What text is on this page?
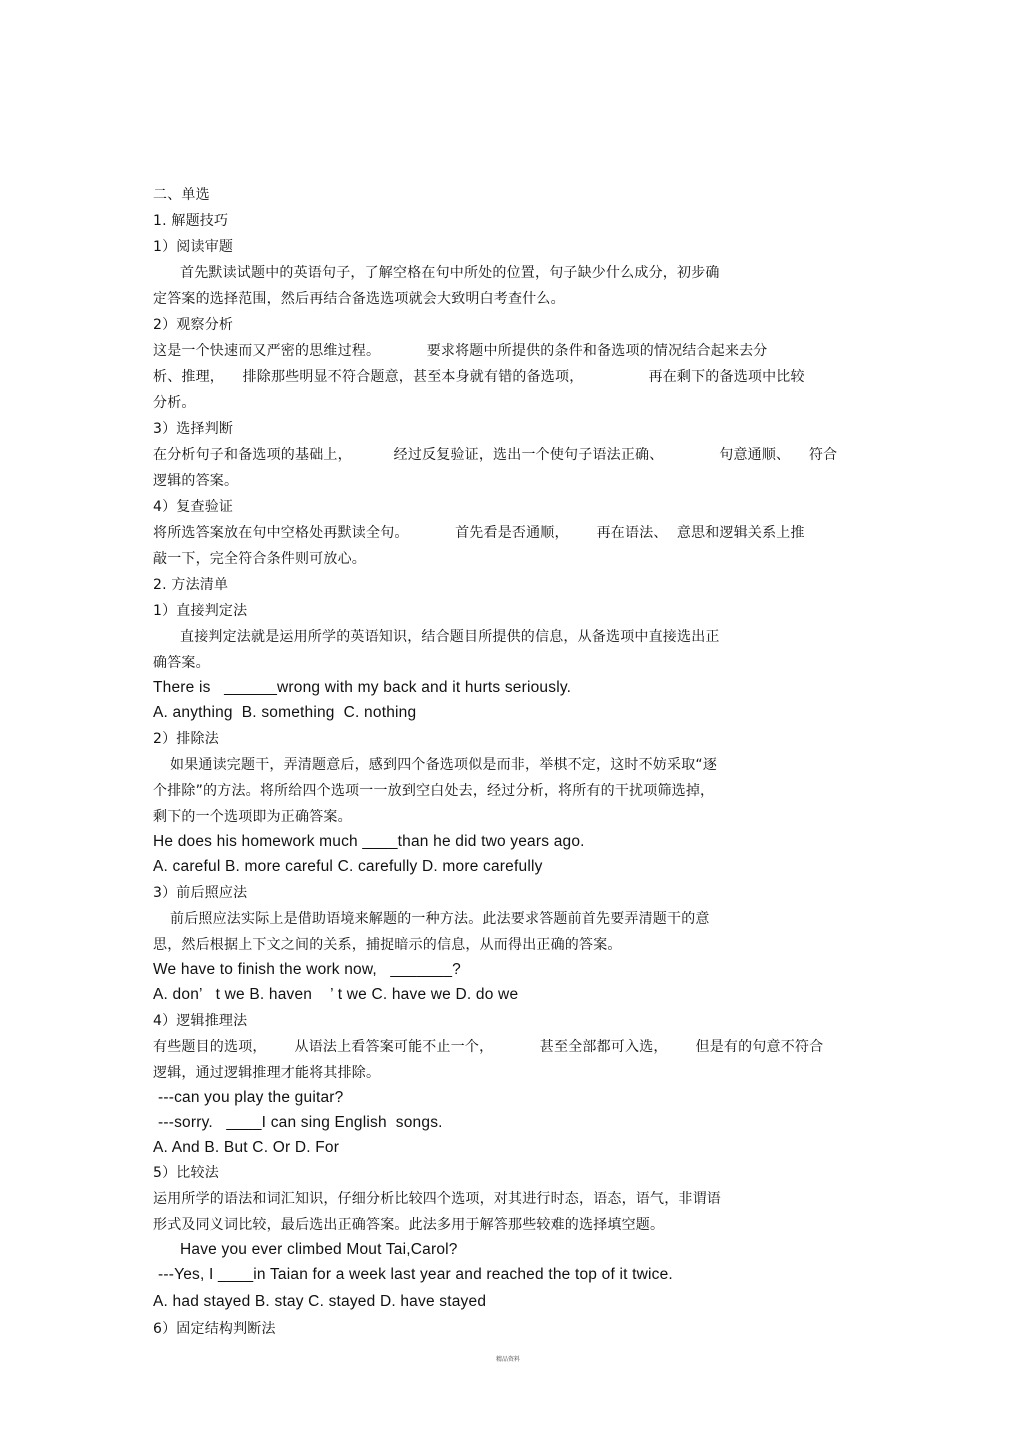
二、单选
1. 解题技巧
1）阅读审题
首先默读试题中的英语句子，了解空格在句中所处的位置，句子缺少什么成分，初步确
定答案的选择范围，然后再结合备选选项就会大致明白考查什么。
2）观察分析
这是一个快速而又严密的思维过程。          要求将题中所提供的条件和备选项的情况结合起来去分
析、推理，    排除那些明显不符合题意，甚至本身就有错的备选项，              再在剩下的备选项中比较
分析。
3）选择判断
在分析句子和备选项的基础上，         经过反复验证，选出一个使句子语法正确、            句意通顺、    符合
逻辑的答案。
4）复查验证
将所选答案放在句中空格处再默读全句。          首先看是否通顺，      再在语法、  意思和逻辑关系上推
敲一下，完全符合条件则可放心。
2. 方法清单
1）直接判定法
直接判定法就是运用所学的英语知识，结合题目所提供的信息，从备选项中直接选出正
确答案。
There is   ______wrong with my back and it hurts seriously.
A. anything  B. something  C. nothing
2）排除法
如果通读完题干，弄清题意后，感到四个备选项似是而非，举棋不定，这时不妨采取“逐
个排除”的方法。将所给四个选项一一放到空白处去，经过分析，将所有的干扰项筛选掉，
剩下的一个选项即为正确答案。
He does his homework much ____than he did two years ago.
A. careful B. more careful C. carefully D. more carefully
3）前后照应法
前后照应法实际上是借助语境来解题的一种方法。此法要求答题前首先要弄清题干的意
思，然后根据上下文之间的关系，捕捉暗示的信息，从而得出正确的答案。
We have to finish the work now,   _______?
A. don’   t we B. haven    ’ t we C. have we D. do we
4）逻辑推理法
有些题目的选项，      从语法上看答案可能不止一个，          甚至全部都可入选，      但是有的句意不符合
逻辑，通过逻辑推理才能将其排除。
---can you play the guitar?
---sorry.   ____I can sing English  songs.
A. And B. But C. Or D. For
5）比较法
运用所学的语法和词汇知识，仔细分析比较四个选项，对其进行时态，语态，语气，非谓语
形式及同义词比较，最后选出正确答案。此法多用于解答那些较难的选择填空题。
Have you ever climbed Mout Tai,Carol?
---Yes, I ____in Taian for a week last year and reached the top of it twice.
A. had stayed B. stay C. stayed D. have stayed
6）固定结构判断法
精品资料
